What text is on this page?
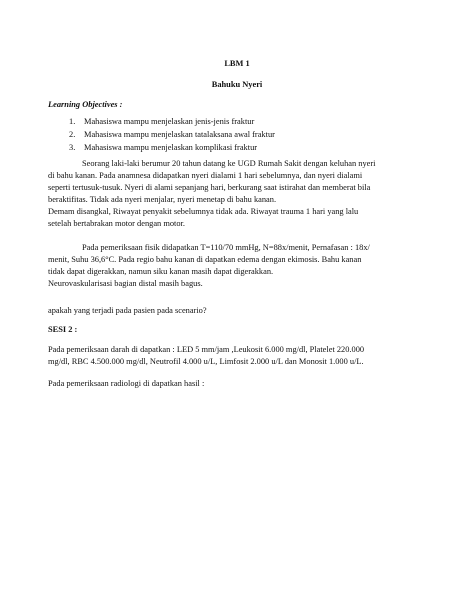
LBM 1
Bahuku Nyeri
Learning Objectives :
1. Mahasiswa mampu menjelaskan jenis-jenis fraktur
2. Mahasiswa mampu menjelaskan tatalaksana awal fraktur
3. Mahasiswa mampu menjelaskan komplikasi fraktur
Seorang laki-laki berumur 20 tahun datang ke UGD Rumah Sakit dengan keluhan nyeri
di bahu kanan. Pada anamnesa didapatkan nyeri dialami 1 hari sebelumnya, dan nyeri dialami
seperti tertusuk-tusuk. Nyeri di alami sepanjang hari, berkurang saat istirahat dan memberat bila
beraktifitas. Tidak ada nyeri menjalar, nyeri menetap di bahu kanan.
Demam disangkal, Riwayat penyakit sebelumnya tidak ada. Riwayat trauma 1 hari yang lalu
setelah bertabrakan motor dengan motor.
Pada pemeriksaan fisik didapatkan T=110/70 mmHg, N=88x/menit, Pernafasan : 18x/
menit, Suhu 36,6°C. Pada regio bahu kanan di dapatkan edema dengan ekimosis. Bahu kanan
tidak dapat digerakkan, namun siku kanan masih dapat digerakkan.
Neurovaskularisasi bagian distal masih bagus.
apakah yang terjadi pada pasien pada scenario?
SESI 2 :
Pada pemeriksaan darah di dapatkan : LED 5 mm/jam ,Leukosit 6.000 mg/dl, Platelet 220.000
mg/dl, RBC 4.500.000 mg/dl, Neutrofil 4.000 u/L, Limfosit 2.000 u/L dan Monosit 1.000 u/L.
Pada pemeriksaan radiologi di dapatkan hasil :
